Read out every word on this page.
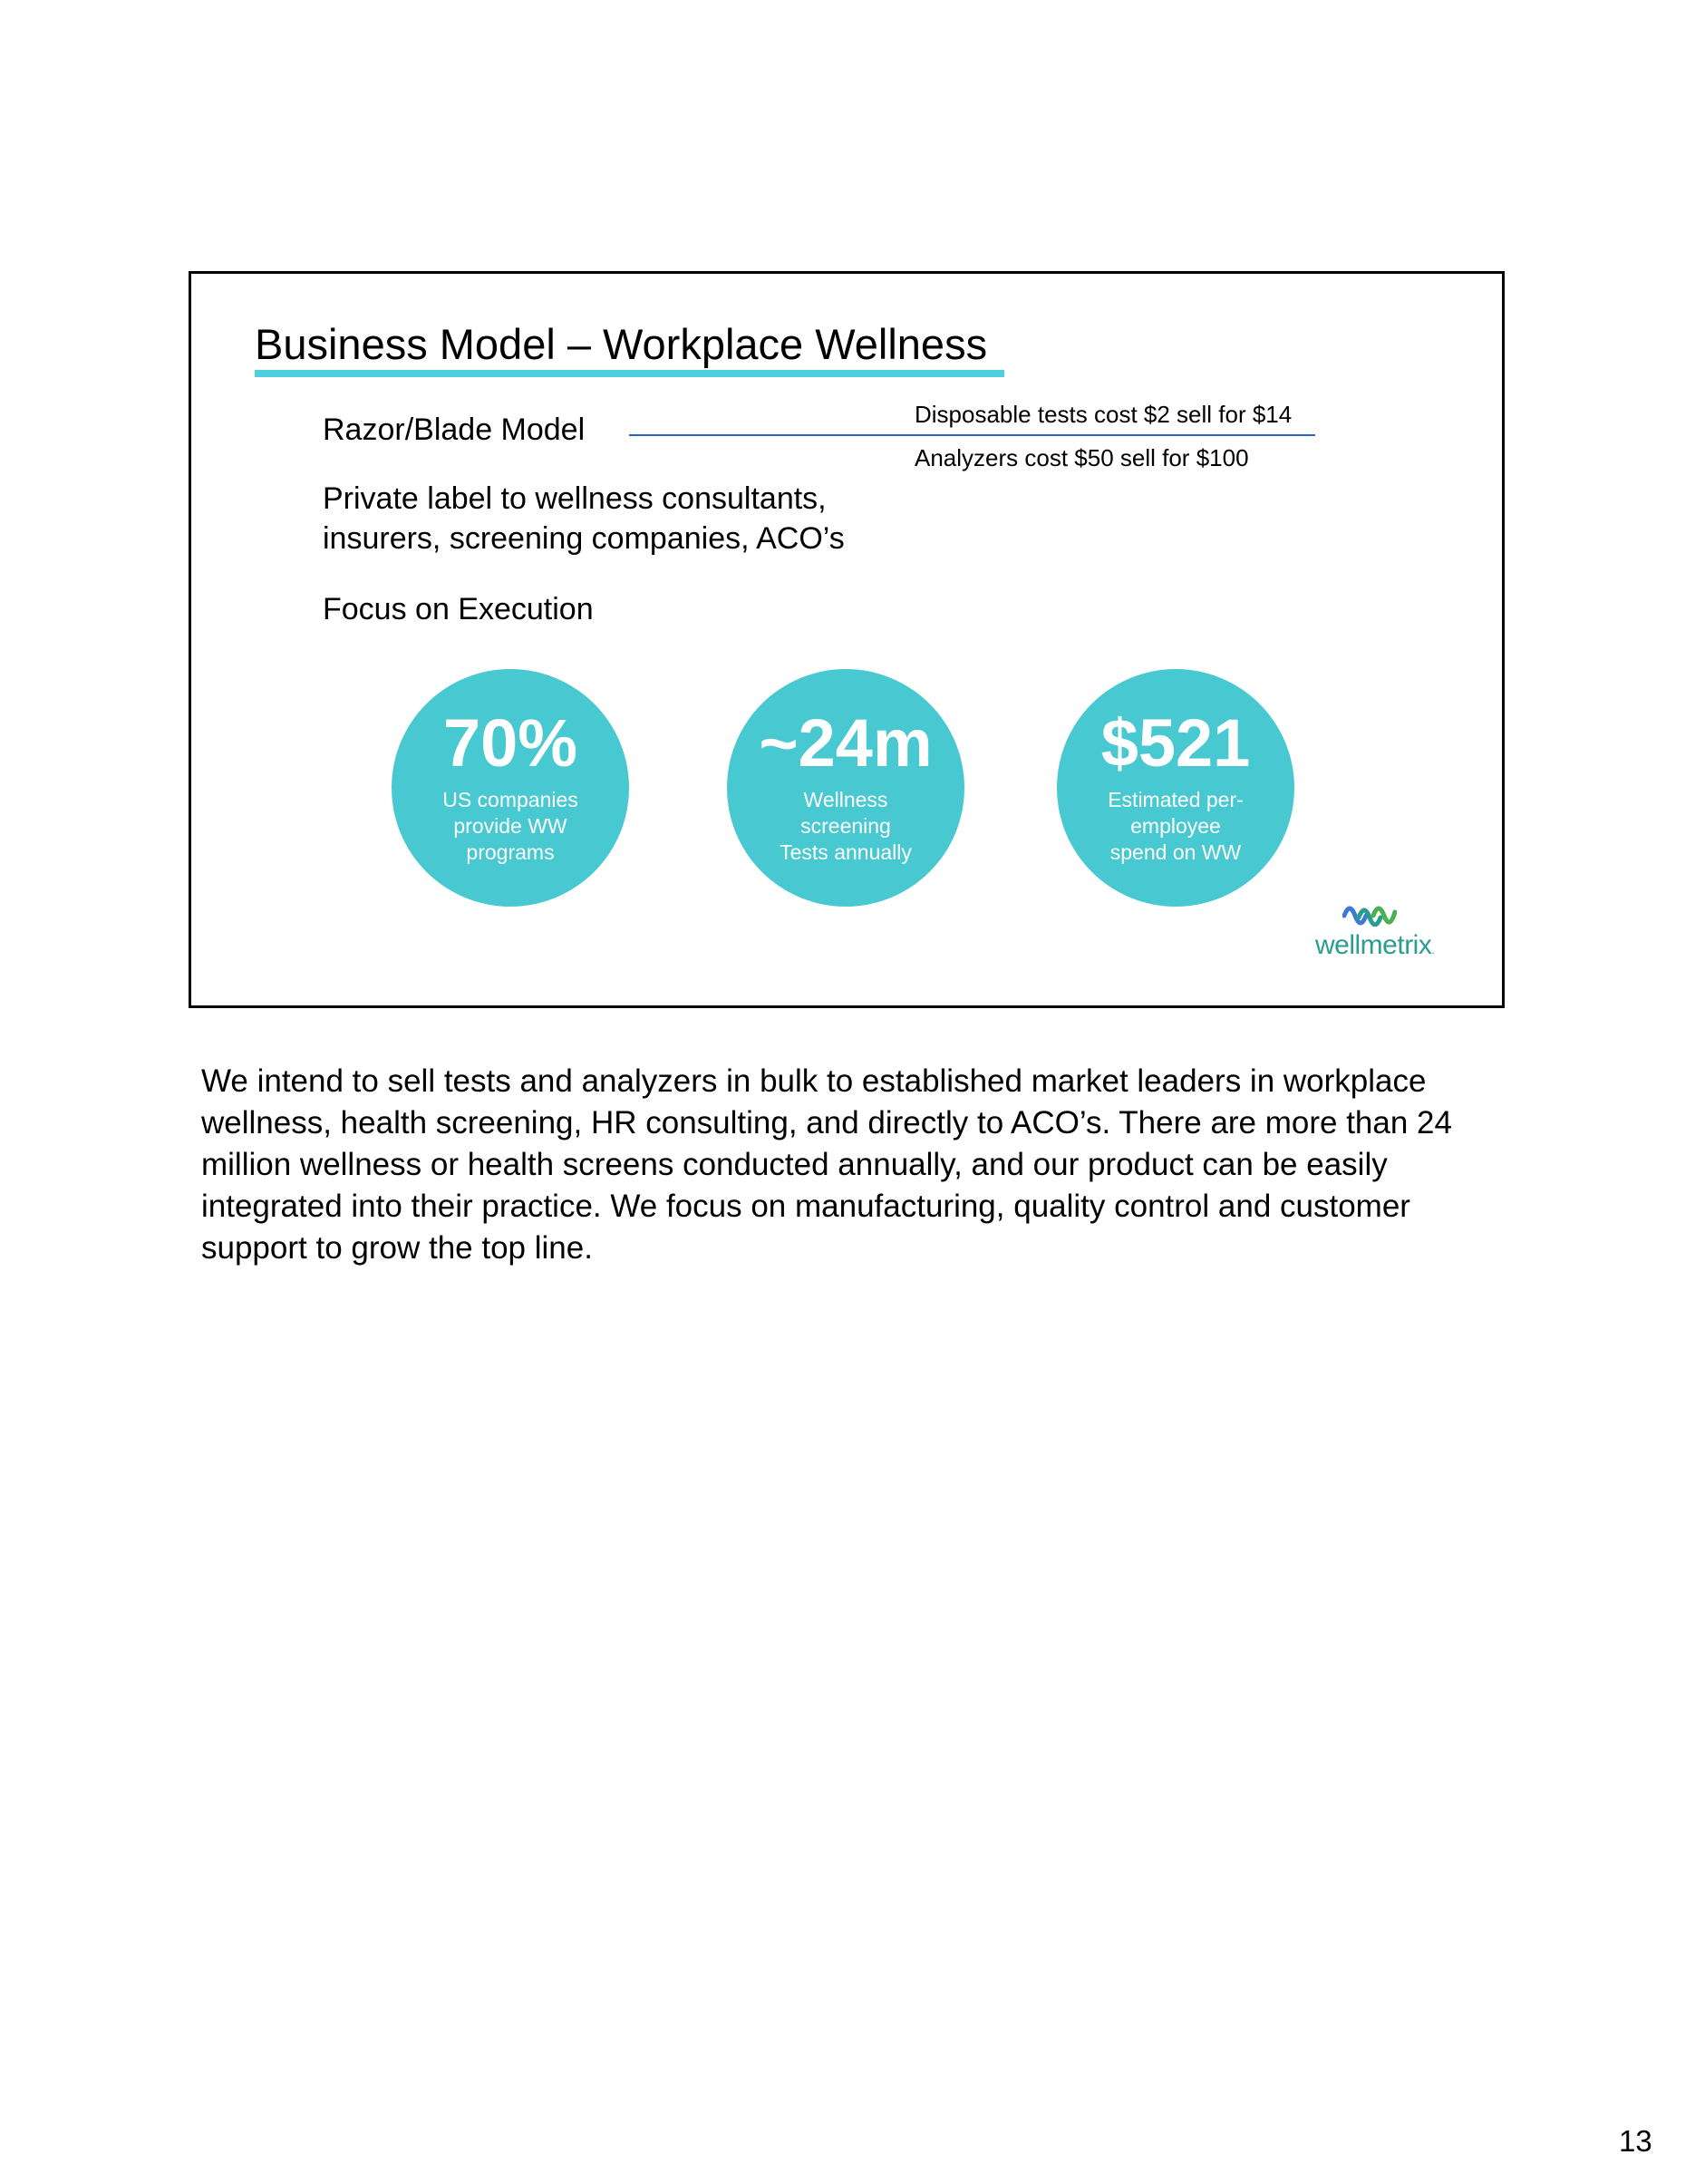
Business Model – Workplace Wellness
Razor/Blade Model	Disposable tests cost $2 sell for $14
Analyzers cost $50 sell for $100
Private label to wellness consultants,
insurers, screening companies, ACO’s
Focus on Execution
70%
US companies
provide WW
programs
~24m
Wellness screening
Tests annually
$521
Estimated per-
employee
spend on WW
wellmetrix.

We intend to sell tests and analyzers in bulk to established market leaders in workplace wellness, health screening, HR consulting, and directly to ACO’s. There are more than 24 million wellness or health screens conducted annually, and our product can be easily integrated into their practice. We focus on manufacturing, quality control and customer support to grow the top line.

13
